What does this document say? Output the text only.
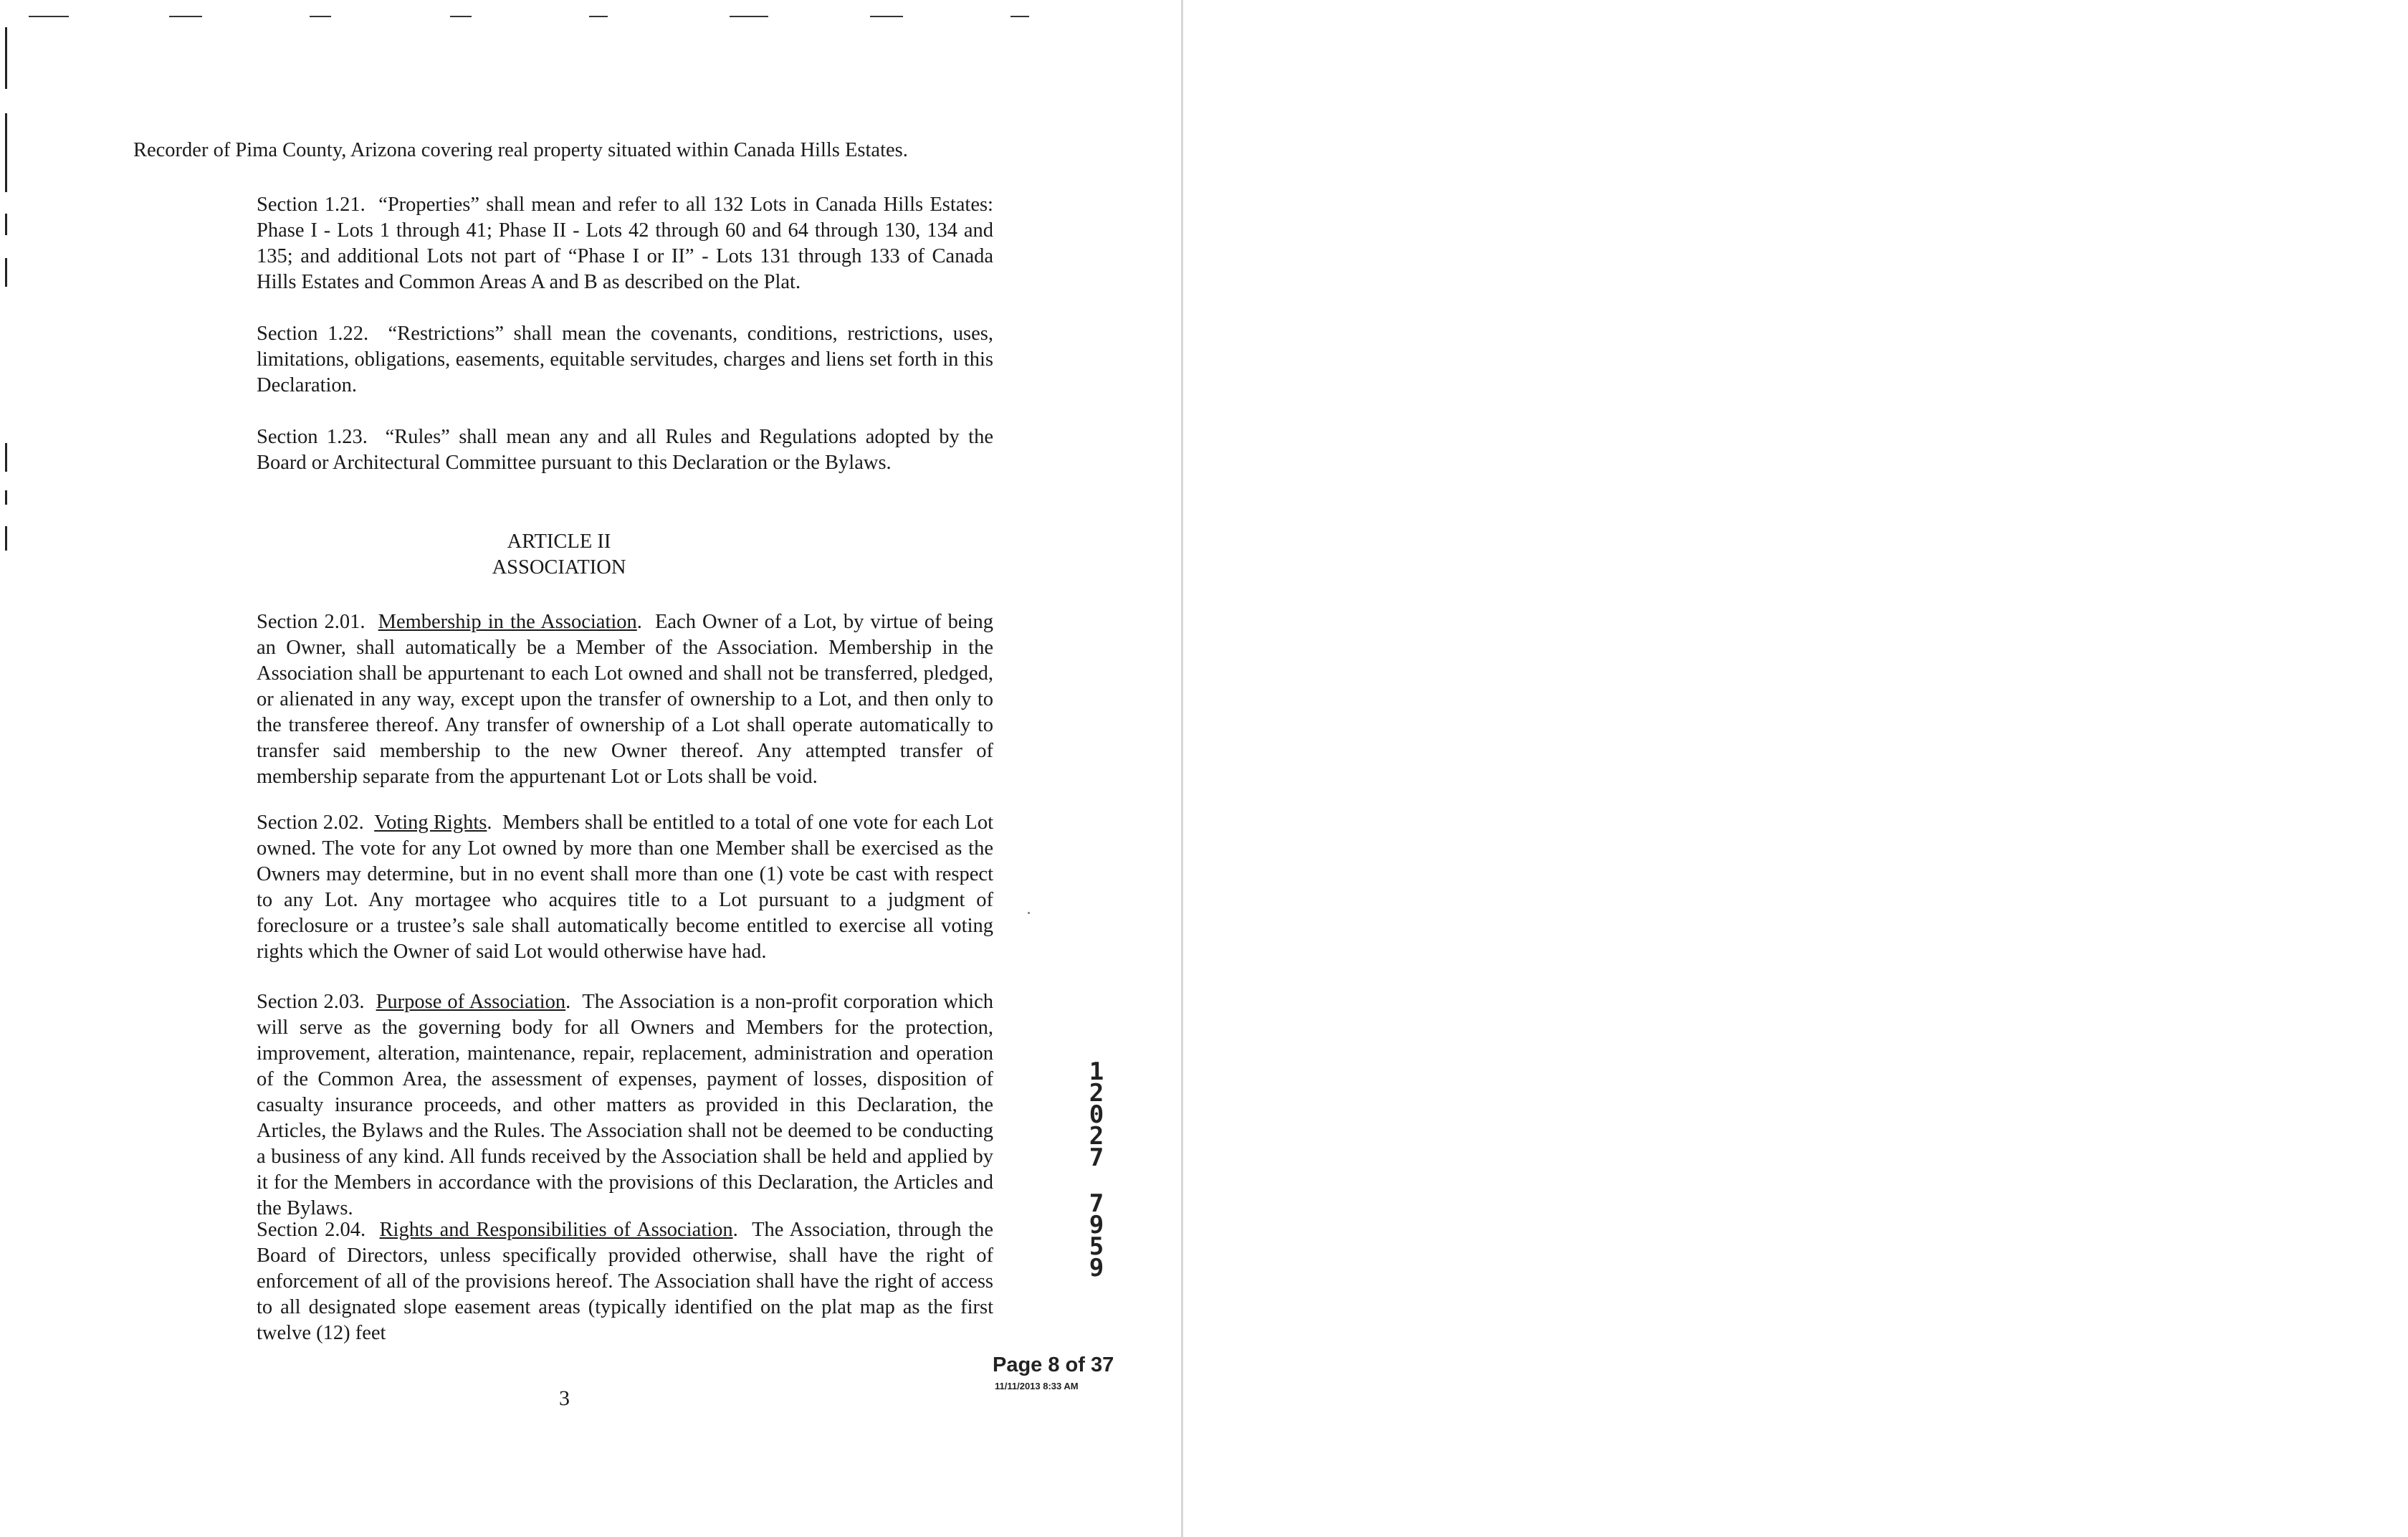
Recorder of Pima County, Arizona covering real property situated within Canada Hills Estates.

Section 1.21. “Properties” shall mean and refer to all 132 Lots in Canada Hills Estates: Phase I - Lots 1 through 41; Phase II - Lots 42 through 60 and 64 through 130, 134 and 135; and additional Lots not part of “Phase I or II” - Lots 131 through 133 of Canada Hills Estates and Common Areas A and B as described on the Plat.

Section 1.22. “Restrictions” shall mean the covenants, conditions, restrictions, uses, limitations, obligations, easements, equitable servitudes, charges and liens set forth in this Declaration.

Section 1.23. “Rules” shall mean any and all Rules and Regulations adopted by the Board or Architectural Committee pursuant to this Declaration or the Bylaws.

ARTICLE II
ASSOCIATION

Section 2.01. Membership in the Association.  Each Owner of a Lot, by virtue of being an Owner, shall automatically be a Member of the Association. Membership in the Association shall be appurtenant to each Lot owned and shall not be transferred, pledged, or alienated in any way, except upon the transfer of ownership to a Lot, and then only to the transferee thereof. Any transfer of ownership of a Lot shall operate automatically to transfer said membership to the new Owner thereof. Any attempted transfer of membership separate from the appurtenant Lot or Lots shall be void.

Section 2.02. Voting Rights.  Members shall be entitled to a total of one vote for each Lot owned. The vote for any Lot owned by more than one Member shall be exercised as the Owners may determine, but in no event shall more than one (1) vote be cast with respect to any Lot. Any mortagee who acquires title to a Lot pursuant to a judgment of foreclosure or a trustee’s sale shall automatically become entitled to exercise all voting rights which the Owner of said Lot would otherwise have had.

Section 2.03. Purpose of Association.  The Association is a non-profit corporation which will serve as the governing body for all Owners and Members for the protection, improvement, alteration, maintenance, repair, replacement, administration and operation of the Common Area, the assessment of expenses, payment of losses, disposition of casualty insurance proceeds, and other matters as provided in this Declaration, the Articles, the Bylaws and the Rules. The Association shall not be deemed to be conducting a business of any kind. All funds received by the Association shall be held and applied by it for the Members in accordance with the provisions of this Declaration, the Articles and the Bylaws.

Section 2.04. Rights and Responsibilities of Association.  The Association, through the Board of Directors, unless specifically provided otherwise, shall have the right of enforcement of all of the provisions hereof. The Association shall have the right of access to all designated slope easement areas (typically identified on the plat map as the first twelve (12) feet

1
2
0
2
7
7
9
5
9
Page 8 of 37
11/11/2013 8:33 AM
3
